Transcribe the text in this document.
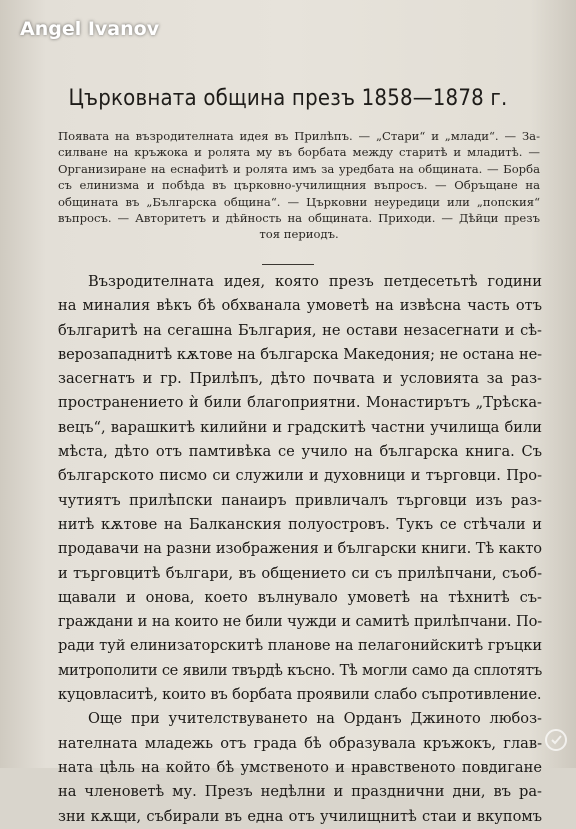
Angel Ivanov
Църковната община презъ 1858—1878 г.
Появата на възродителната идея въ Прилѣпъ. — „Стари“ и „млади“. — За-
силване на кръжока и ролята му въ борбата между старитѣ и младитѣ. —
Организиране на еснафитѣ и ролята имъ за уредбата на общината. — Борба
съ елинизма и побѣда въ църковно-училищния въпросъ. — Обръщане на
общината въ „Българска община“. — Църковни неуредици или „попския“
въпросъ. — Авторитетъ и дѣйность на общината. Приходи. — Дѣйци презъ
тоя периодъ.
Възродителната идея, която презъ петдесетьтѣ години
на миналия вѣкъ бѣ обхванала умоветѣ на извѣсна часть отъ
българитѣ на сегашна България, не остави незасегнати и сѣ-
верозападнитѣ кѫтове на българска Македония; не остана не-
засегнатъ и гр. Прилѣпъ, дѣто почвата и условията за раз-
пространението ѝ били благоприятни. Монастирътъ „Трѣска-
вецъ“, варашкитѣ килийни и градскитѣ частни училища били
мѣста, дѣто отъ памтивѣка се учило на българска книга. Съ
българското писмо си служили и духовници и търговци. Про-
чутиятъ прилѣпски панаиръ привличалъ търговци изъ раз-
нитѣ кѫтове на Балканския полуостровъ. Тукъ се стѣчали и
продавачи на разни изображения и български книги. Тѣ както
и търговцитѣ българи, въ общението си съ прилѣпчани, съоб-
щавали и онова, което вълнувало умоветѣ на тѣхнитѣ съ-
граждани и на които не били чужди и самитѣ прилѣпчани. По-
ради туй елинизаторскитѣ планове на пелагонийскитѣ гръцки
митрополити се явили твърдѣ късно. Тѣ могли само да сплотятъ
куцовласитѣ, които въ борбата проявили слабо съпротивление.
Още при учителствуването на Орданъ Джиното любоз-
нателната младежь отъ града бѣ образувала кръжокъ, глав-
ната цѣль на който бѣ умственото и нравственото повдигане
на членоветѣ му. Презъ недѣлни и празднични дни, въ ра-
зни кѫщи, събирали въ една отъ училищнитѣ стаи и вкупомъ
